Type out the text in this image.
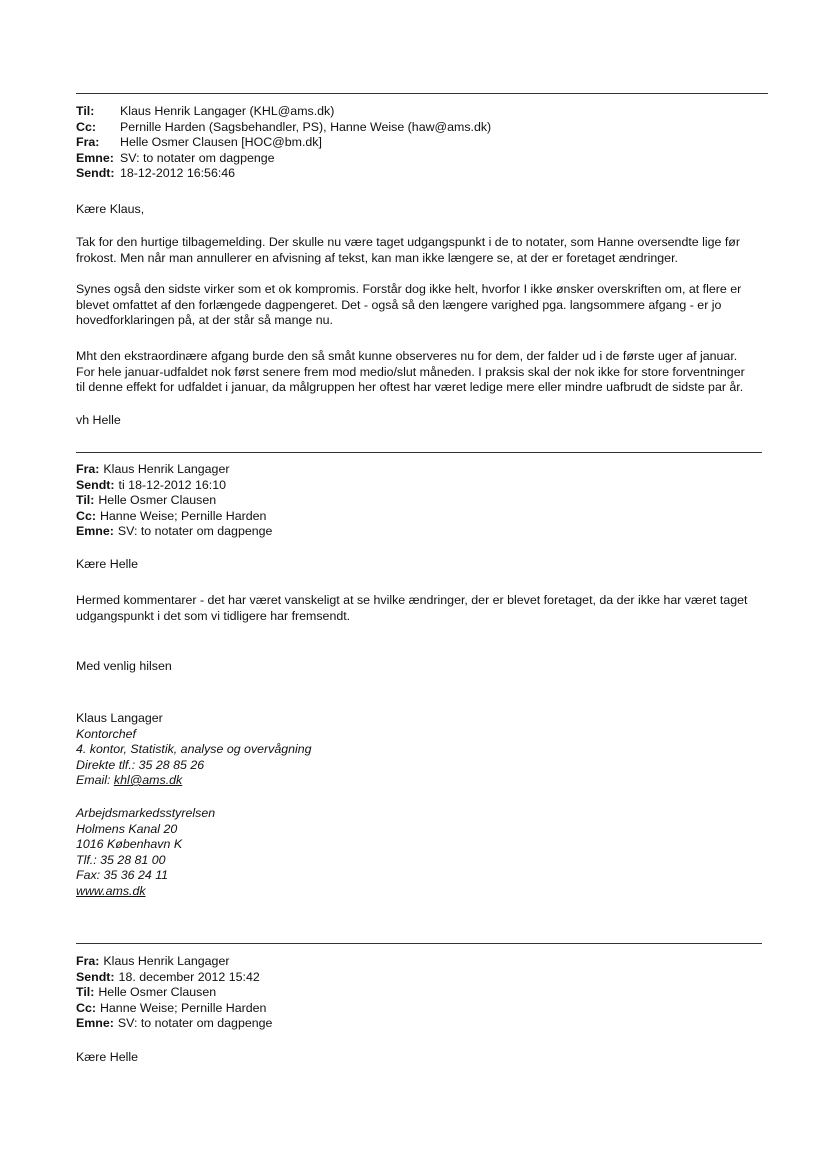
Til: Klaus Henrik Langager (KHL@ams.dk)
Cc: Pernille Harden (Sagsbehandler, PS), Hanne Weise (haw@ams.dk)
Fra: Helle Osmer Clausen [HOC@bm.dk]
Emne: SV: to notater om dagpenge
Sendt: 18-12-2012 16:56:46
Kære Klaus,
Tak for den hurtige tilbagemelding. Der skulle nu være taget udgangspunkt i de to notater, som Hanne oversendte lige før
frokost. Men når man annullerer en afvisning af tekst, kan man ikke længere se, at der er foretaget ændringer.
Synes også den sidste virker som et ok kompromis. Forstår dog ikke helt, hvorfor I ikke ønsker overskriften om, at flere er
blevet omfattet af den forlængede dagpengeret. Det - også så den længere varighed pga. langsommere afgang - er jo
hovedforklaringen på, at der står så mange nu.
Mht den ekstraordinære afgang burde den så småt kunne observeres nu for dem, der falder ud i de første uger af januar.
For hele januar-udfaldet nok først senere frem mod medio/slut måneden. I praksis skal der nok ikke for store forventninger
til denne effekt for udfaldet i januar, da målgruppen her oftest har været ledige mere eller mindre uafbrudt de sidste par år.
vh Helle
Fra: Klaus Henrik Langager
Sendt: ti 18-12-2012 16:10
Til: Helle Osmer Clausen
Cc: Hanne Weise; Pernille Harden
Emne: SV: to notater om dagpenge
Kære Helle
Hermed kommentarer - det har været vanskeligt at se hvilke ændringer, der er blevet foretaget, da der ikke har været taget
udgangspunkt i det som vi tidligere har fremsendt.
Med venlig hilsen
Klaus Langager
Kontorchef
4. kontor, Statistik, analyse og overvågning
Direkte tlf.: 35 28 85 26
Email: khl@ams.dk
Arbejdsmarkedsstyrelsen
Holmens Kanal 20
1016 København K
Tlf.: 35 28 81 00
Fax: 35 36 24 11
www.ams.dk
Fra: Klaus Henrik Langager
Sendt: 18. december 2012 15:42
Til: Helle Osmer Clausen
Cc: Hanne Weise; Pernille Harden
Emne: SV: to notater om dagpenge
Kære Helle
